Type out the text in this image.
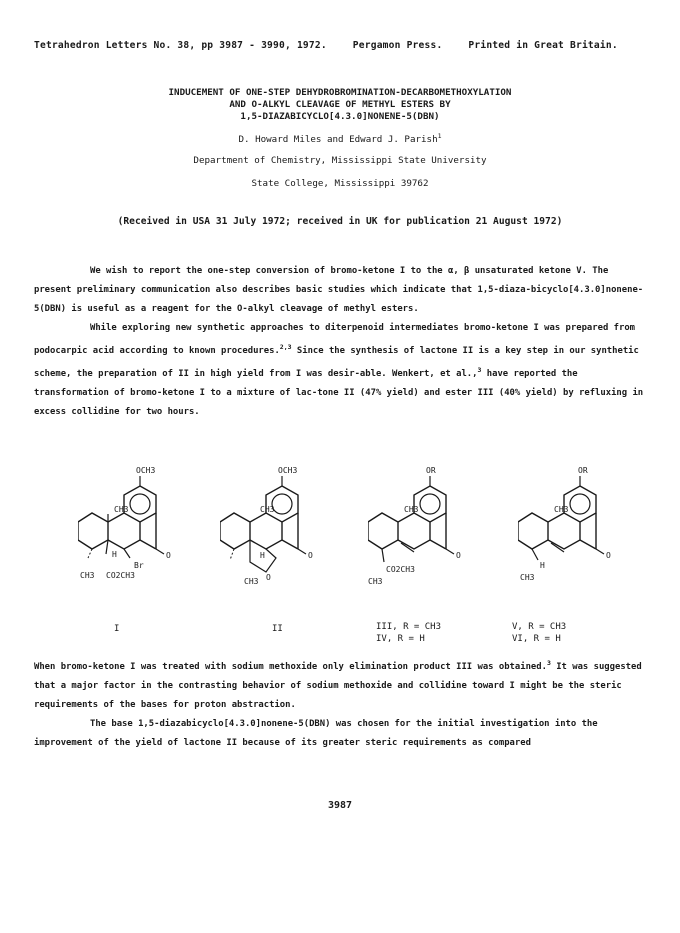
Tetrahedron Letters No. 38, pp 3987 - 3990, 1972.	Pergamon Press.	Printed in Great Britain.
INDUCEMENT OF ONE-STEP DEHYDROBROMINATION-DECARBOMETHOXYLATION
AND O-ALKYL CLEAVAGE OF METHYL ESTERS BY
1,5-DIAZABICYCLO[4.3.0]NONENE-5(DBN)
D. Howard Miles and Edward J. Parish$^1$
Department of Chemistry, Mississippi State University
State College, Mississippi 39762
(Received in USA 31 July 1972; received in UK for publication 21 August 1972)

We wish to report the one-step conversion of bromo-ketone I to the α, β unsaturated ketone V. The present preliminary communication also describes basic studies which indicate that 1,5-diaza-bicyclo[4.3.0]nonene-5(DBN) is useful as a reagent for the O-alkyl cleavage of methyl esters.

While exploring new synthetic approaches to diterpenoid intermediates bromo-ketone I was prepared from podocarpic acid according to known procedures.$^{2,3}$ Since the synthesis of lactone II is a key step in our synthetic scheme, the preparation of II in high yield from I was desir-able. Wenkert, et al.,$^3$ have reported the transformation of bromo-ketone I to a mixture of lac-tone II (47% yield) and ester III (40% yield) by refluxing in excess collidine for two hours.

OCH3
CH3
H
Br
O
CH3 CO2CH3
CH3
OCH3
H	O
CH3 O
OR
CH3
O
CO2CH3
CH3
OR
CH3
O
H
CH3
I	II	III, R = CH3
IV, R = H
V, R = CH3
VI, R = H

When bromo-ketone I was treated with sodium methoxide only elimination product III was obtained.$^3$ It was suggested that a major factor in the contrasting behavior of sodium methoxide and collidine toward I might be the steric requirements of the bases for proton abstraction.

The base 1,5-diazabicyclo[4.3.0]nonene-5(DBN) was chosen for the initial investigation into the improvement of the yield of lactone II because of its greater steric requirements as compared

3987
